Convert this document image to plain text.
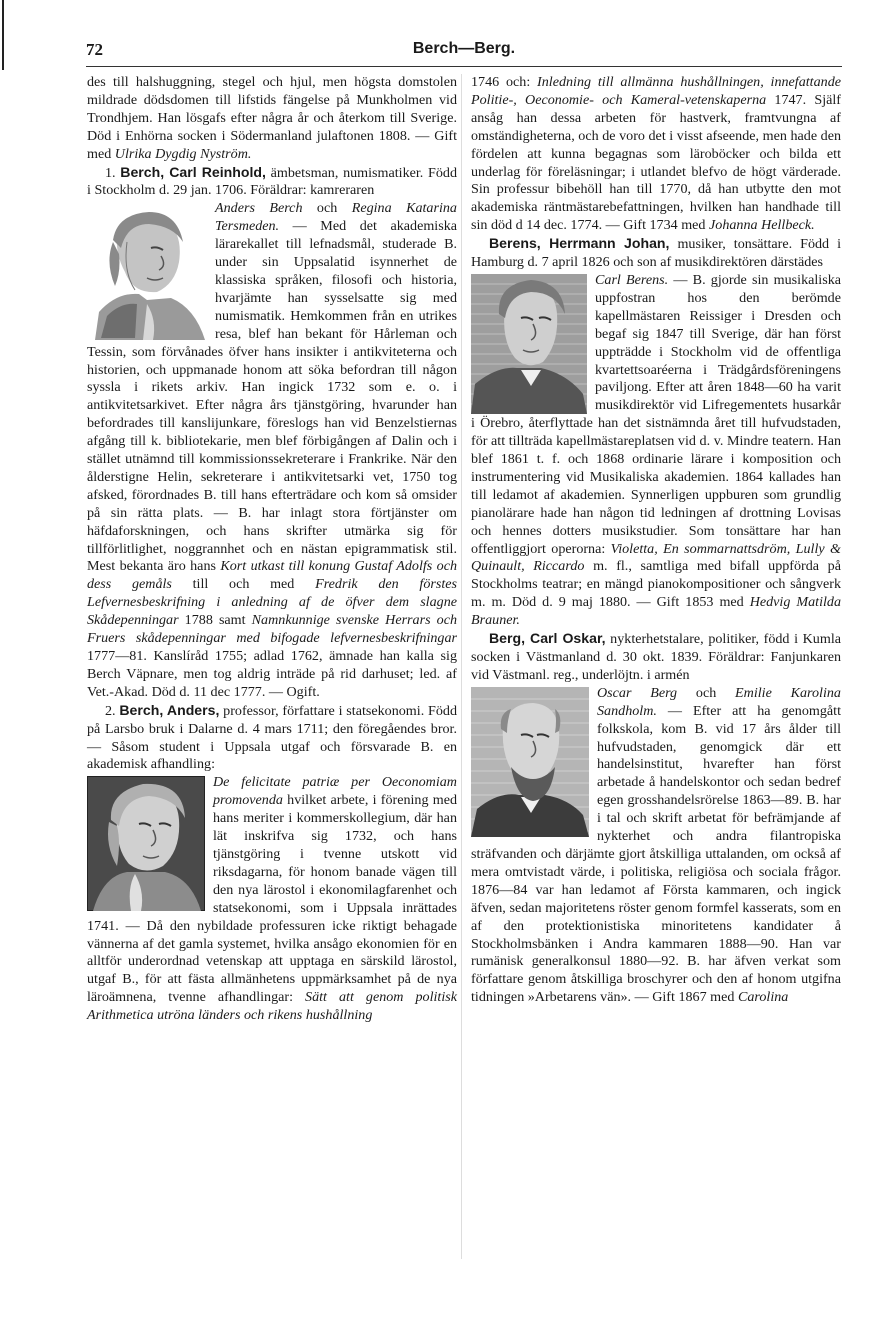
72	Berch—Berg.

des till halshuggning, stegel och hjul, men högsta domstolen mildrade dödsdomen till lifstids fängelse på Munkholmen vid Trondhjem. Han lösgafs efter några år och återkom till Sverige. Död i Enhörna socken i Södermanland julaftonen 1808. — Gift med Ulrika Dygdig Nyström.

1. Berch, Carl Reinhold, ämbetsman, numismatiker. Född i Stockholm d. 29 jan. 1706. Föräldrar: kamreraren

Anders Berch och Regina Katarina Tersmeden. — Med det akademiska lärarekallet till lefnadsmål, studerade B. under sin Uppsalatid isynnerhet de klassiska språken, filosofi och historia, hvarjämte han sysselsatte sig med numismatik. Hemkommen från en utrikes resa, blef han bekant för Hårleman och Tessin, som förvånades öfver hans insikter i antikviteterna och historien, och uppmanade honom att söka befordran till någon syssla i rikets arkiv. Han ingick 1732 som e. o. i antikvitetsarkivet. Efter några års tjänstgöring, hvarunder han befordrades till kanslijunkare, föreslogs han vid Benzelstiernas afgång till k. bibliotekarie, men blef förbigången af Dalin och i stället utnämnd till kommissionssekreterare i Frankrike. När den ålderstigne Helin, sekreterare i antikvitetsarki vet, 1750 tog afsked, förordnades B. till hans efterträdare och kom så omsider på sin rätta plats. — B. har inlagt stora förtjänster om häfdaforskningen, och hans skrifter utmärka sig för tillförlitlighet, noggrannhet och en nästan epigrammatisk stil. Mest bekanta äro hans Kort utkast till konung Gustaf Adolfs och dess gemåls till och med Fredrik den förstes Lefvernesbeskrifning i anledning af de öfver dem slagne Skådepenningar 1788 samt Namnkunnige svenske Herrars och Fruers skådepenningar med bifogade lefvernesbeskrifningar 1777—81. Kanslíråd 1755; adlad 1762, ämnade han kalla sig Berch Väpnare, men tog aldrig inträde på rid darhuset; led. af Vet.-Akad. Död d. 11 dec 1777. — Ogift.

2. Berch, Anders, professor, författare i statsekonomi. Född på Larsbo bruk i Dalarne d. 4 mars 1711; den föregåendes bror. — Såsom student i Uppsala utgaf och försvarade B. en akademisk afhandling:

De felicitate patriæ per Oeconomiam promovenda hvilket arbete, i förening med hans meriter i kommerskollegium, där han lät inskrifva sig 1732, och hans tjänstgöring i tvenne utskott vid riksdagarna, för honom banade vägen till den nya lärostol i ekonomilagfarenhet och statsekonomi, som i Uppsala inrättades 1741. — Då den nybildade professuren icke riktigt behagade vännerna af det gamla systemet, hvilka ansågo ekonomien för en alltför underordnad vetenskap att upptaga en särskild lärostol, utgaf B., för att fästa allmänhetens uppmärksamhet på de nya läroämnena, tvenne afhandlingar: Sätt att genom politisk Arithmetica utröna länders och rikens hushållning

1746 och: Inledning till allmänna hushållningen, innefattande Politie-, Oeconomie- och Kameral-vetenskaperna 1747. Själf ansåg han dessa arbeten för hastverk, framtvungna af omständigheterna, och de voro det i visst afseende, men hade den fördelen att kunna begagnas som läroböcker och bilda ett underlag för föreläsningar; i utlandet blefvo de högt värderade. Sin professur bibehöll han till 1770, då han utbytte den mot akademiska räntmästarebefattningen, hvilken han handhade till sin död d 14 dec. 1774. — Gift 1734 med Johanna Hellbeck.

Berens, Herrmann Johan, musiker, tonsättare. Född i Hamburg d. 7 april 1826 och son af musikdirektören därstädes

Carl Berens. — B. gjorde sin musikaliska uppfostran hos den berömde kapellmästaren Reissiger i Dresden och begaf sig 1847 till Sverige, där han först uppträdde i Stockholm vid de offentliga kvartettsoaréerna i Trädgårdsföreningens paviljong. Efter att åren 1848—60 ha varit musikdirektör vid Lifregementets husarkår i Örebro, återflyttade han det sistnämnda året till hufvudstaden, för att tillträda kapellmästareplatsen vid d. v. Mindre teatern. Han blef 1861 t. f. och 1868 ordinarie lärare i komposition och instrumentering vid Musikaliska akademien. 1864 kallades han till ledamot af akademien. Synnerligen uppburen som grundlig pianolärare hade han någon tid ledningen af drottning Lovisas och hennes dotters musikstudier. Som tonsättare har han offentliggjort operorna: Violetta, En sommarnattsdröm, Lully & Quinault, Riccardo m. fl., samtliga med bifall uppförda på Stockholms teatrar; en mängd pianokompositioner och sångverk m. m. Död d. 9 maj 1880. — Gift 1853 med Hedvig Matilda Brauner.

Berg, Carl Oskar, nykterhetstalare, politiker, född i Kumla socken i Västmanland d. 30 okt. 1839. Föräldrar: Fanjunkaren vid Västmanl. reg., underlöjtn. i armén

Oscar Berg och Emilie Karolina Sandholm. — Efter att ha genomgått folkskola, kom B. vid 17 års ålder till hufvudstaden, genomgick där ett handelsinstitut, hvarefter han först arbetade å handelskontor och sedan bedref egen grosshandelsrörelse 1863—89. B. har i tal och skrift arbetat för befrämjande af nykterhet och andra filantropiska sträfvanden och därjämte gjort åtskilliga uttalanden, om också af mera omtvistadt värde, i politiska, religiösa och sociala frågor. 1876—84 var han ledamot af Första kammaren, och ingick äfven, sedan majoritetens röster genom formfel kasserats, som en af den protektionistiska minoritetens kandidater å Stockholmsbänken i Andra kammaren 1888—90. Han var rumänisk generalkonsul 1880—92. B. har äfven verkat som författare genom åtskilliga broschyrer och den af honom utgifna tidningen »Arbetarens vän». — Gift 1867 med Carolina
